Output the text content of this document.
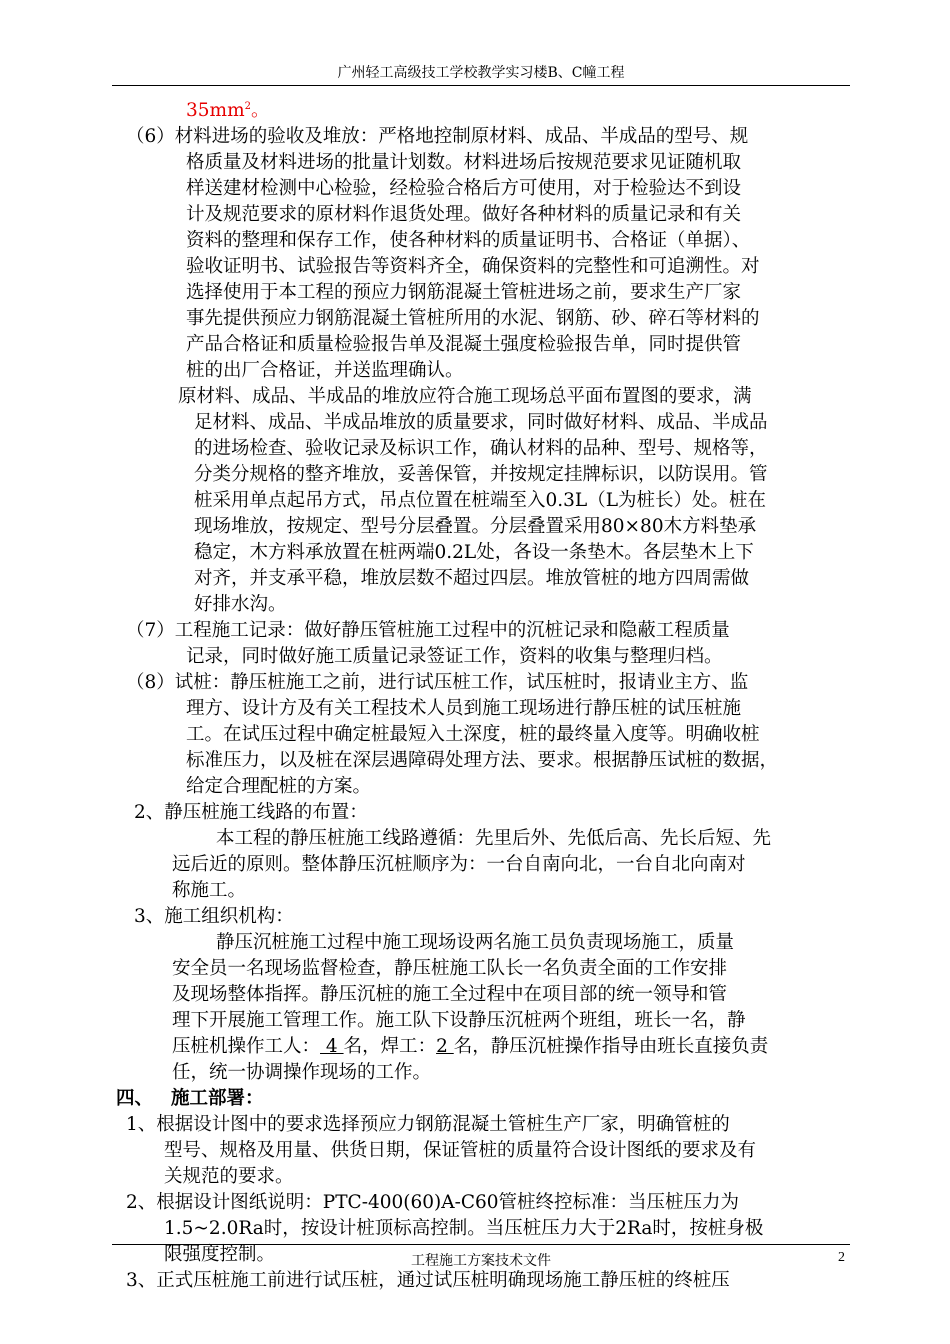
广州轻工高级技工学校教学实习楼B、C幢工程
$35mm^2$。
（6）材料进场的验收及堆放：严格地控制原材料、成品、半成品的型号、规
格质量及材料进场的批量计划数。材料进场后按规范要求见证随机取
样送建材检测中心检验，经检验合格后方可使用，对于检验达不到设
计及规范要求的原材料作退货处理。做好各种材料的质量记录和有关
资料的整理和保存工作，使各种材料的质量证明书、合格证（单据）、
验收证明书、试验报告等资料齐全，确保资料的完整性和可追溯性。对
选择使用于本工程的预应力钢筋混凝土管桩进场之前，要求生产厂家
事先提供预应力钢筋混凝土管桩所用的水泥、钢筋、砂、碎石等材料的
产品合格证和质量检验报告单及混凝土强度检验报告单，同时提供管
桩的出厂合格证，并送监理确认。
原材料、成品、半成品的堆放应符合施工现场总平面布置图的要求，满
足材料、成品、半成品堆放的质量要求，同时做好材料、成品、半成品
的进场检查、验收记录及标识工作，确认材料的品种、型号、规格等，
分类分规格的整齐堆放，妥善保管，并按规定挂牌标识，以防误用。管
桩采用单点起吊方式，吊点位置在桩端至入0.3L（L为桩长）处。桩在
现场堆放，按规定、型号分层叠置。分层叠置采用80×80木方料垫承
稳定，木方料承放置在桩两端0.2L处，各设一条垫木。各层垫木上下
对齐，并支承平稳，堆放层数不超过四层。堆放管桩的地方四周需做
好排水沟。
（7）工程施工记录：做好静压管桩施工过程中的沉桩记录和隐蔽工程质量
记录，同时做好施工质量记录签证工作，资料的收集与整理归档。
（8）试桩：静压桩施工之前，进行试压桩工作，试压桩时，报请业主方、监
理方、设计方及有关工程技术人员到施工现场进行静压桩的试压桩施
工。在试压过程中确定桩最短入土深度，桩的最终量入度等。明确收桩
标准压力，以及桩在深层遇障碍处理方法、要求。根据静压试桩的数据，
给定合理配桩的方案。
2、静压桩施工线路的布置：
本工程的静压桩施工线路遵循：先里后外、先低后高、先长后短、先
远后近的原则。整体静压沉桩顺序为：一台自南向北，一台自北向南对
称施工。
3、施工组织机构：
静压沉桩施工过程中施工现场设两名施工员负责现场施工，质量
安全员一名现场监督检查，静压桩施工队长一名负责全面的工作安排
及现场整体指挥。静压沉桩的施工全过程中在项目部的统一领导和管
理下开展施工管理工作。施工队下设静压沉桩两个班组，班长一名，静
压桩机操作工人： 4 名，焊工：2 名，静压沉桩操作指导由班长直接负责
任，统一协调操作现场的工作。
四、 施工部署：
1、根据设计图中的要求选择预应力钢筋混凝土管桩生产厂家，明确管桩的
型号、规格及用量、供货日期，保证管桩的质量符合设计图纸的要求及有
关规范的要求。
2、根据设计图纸说明：PTC-400(60)A-C60管桩终控标准：当压桩压力为
1.5~2.0Ra时，按设计桩顶标高控制。当压桩压力大于2Ra时，按桩身极
限强度控制。
3、正式压桩施工前进行试压桩，通过试压桩明确现场施工静压桩的终桩压
工程施工方案技术文件	2
